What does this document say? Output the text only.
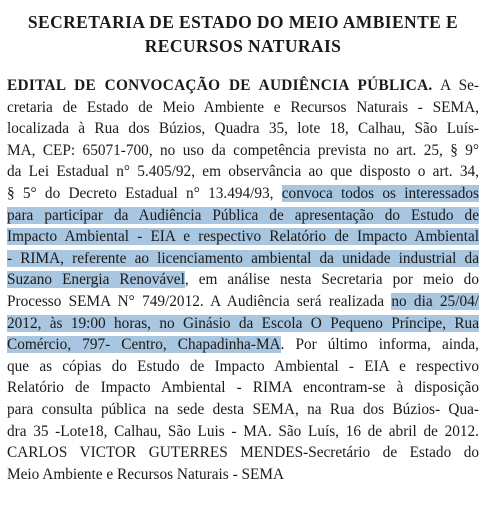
SECRETARIA DE ESTADO DO MEIO AMBIENTE E
RECURSOS NATURAIS
EDITAL DE CONVOCAÇÃO DE AUDIÊNCIA PÚBLICA. A Se-
cretaria de Estado de Meio Ambiente e Recursos Naturais - SEMA,
localizada à Rua dos Búzios, Quadra 35, lote 18, Calhau, São Luís-
MA, CEP: 65071-700, no uso da competência prevista no art. 25, § 9°
da Lei Estadual n° 5.405/92, em observância ao que disposto o art. 34,
§ 5° do Decreto Estadual n° 13.494/93, convoca todos os interessados
para participar da Audiência Pública de apresentação do Estudo de
Impacto Ambiental - EIA e respectivo Relatório de Impacto Ambiental
- RIMA, referente ao licenciamento ambiental da unidade industrial da
Suzano Energia Renovável, em análise nesta Secretaria por meio do
Processo SEMA N° 749/2012. A Audiência será realizada no dia 25/04/
2012, às 19:00 horas, no Ginásio da Escola O Pequeno Príncipe, Rua
Comércio, 797- Centro, Chapadinha-MA. Por último informa, ainda,
que as cópias do Estudo de Impacto Ambiental - EIA e respectivo
Relatório de Impacto Ambiental - RIMA encontram-se à disposição
para consulta pública na sede desta SEMA, na Rua dos Búzios- Qua-
dra 35 -Lote18, Calhau, São Luis - MA. São Luís, 16 de abril de 2012.
CARLOS VICTOR GUTERRES MENDES-Secretário de Estado do
Meio Ambiente e Recursos Naturais - SEMA
